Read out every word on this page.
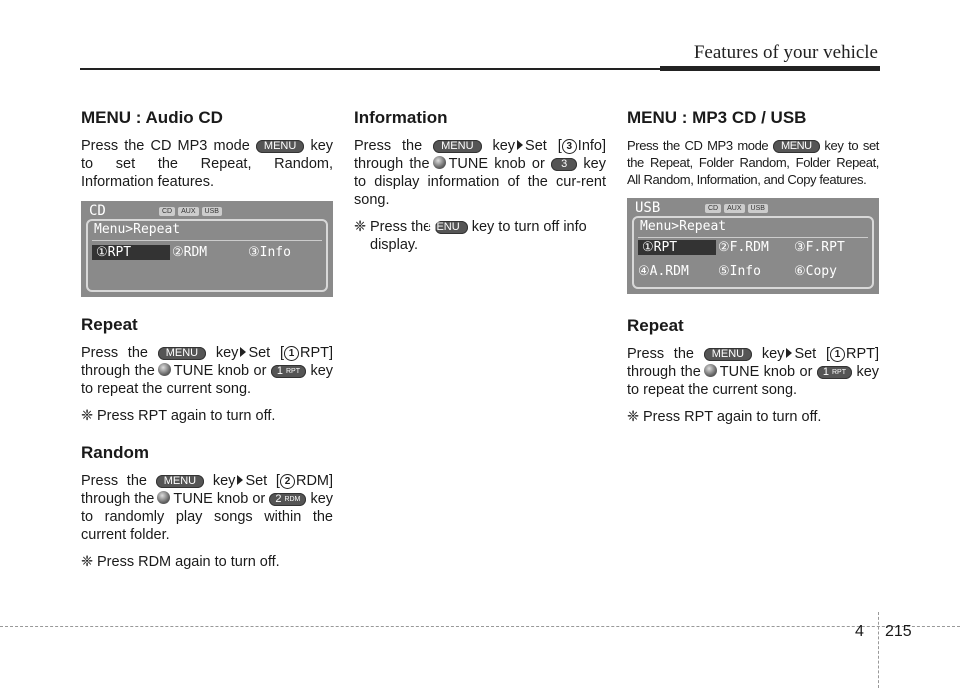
Features of your vehicle
MENU : Audio CD

Press the CD MP3 mode MENU key to set the Repeat, Random, Information features.

CD	CD	AUX	USB
Menu>Repeat
①RPT	②RDM	③Info
Repeat

Press the MENU key Set [ 1 RPT] through the TUNE knob or 1 RPT key to repeat the current song.

❈ Press RPT again to turn off.

Random

Press the MENU key Set [ 2 RDM] through the TUNE knob or 2 RDM key to randomly play songs within the current folder.

❈ Press RDM again to turn off.

Information

Press the MENU key Set [ 3 Info] through the TUNE knob or 3 key to display information of the cur-rent song.

❈ Press the MENU key to turn off info display.

MENU : MP3 CD / USB

Press the CD MP3 mode MENU key to set the Repeat, Folder Random, Folder Repeat, All Random, Information, and Copy features.

USB	CD	AUX	USB
Menu>Repeat
①RPT	②F.RDM ③F.RPT
④A.RDM ⑤Info	⑥Copy
Repeat

Press the MENU key Set [ 1 RPT] through the TUNE knob or 1 RPT key to repeat the current song.

❈ Press RPT again to turn off.

4 215
